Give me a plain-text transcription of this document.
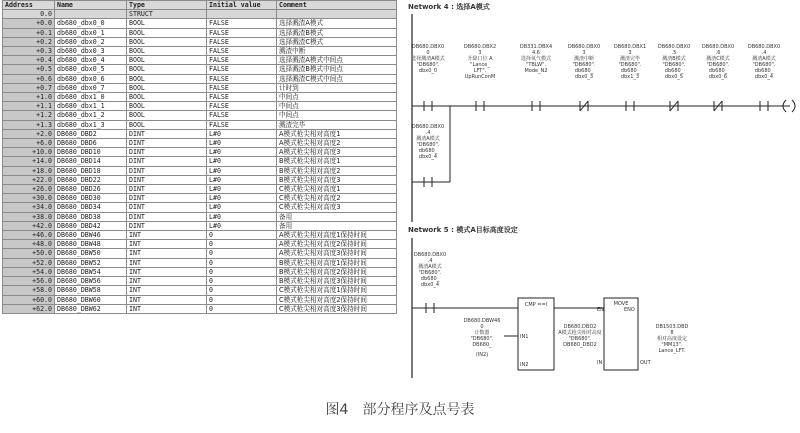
Address	Name	Type	Initial value	Comment
0.0		STRUCT		
+0.0	db680_dbx0_0	BOOL	FALSE	选择溅渣A模式
+0.1	db680_dbx0_1	BOOL	FALSE	选择溅渣B模式
+0.2	db680_dbx0_2	BOOL	FALSE	选择溅渣C模式
+0.3	db680_dbx0_3	BOOL	FALSE	溅渣中断
+0.4	db680_dbx0_4	BOOL	FALSE	选择溅渣A模式中间点
+0.5	db680_dbx0_5	BOOL	FALSE	选择溅渣B模式中间点
+0.6	db680_dbx0_6	BOOL	FALSE	选择溅渣C模式中间点
+0.7	db680_dbx0_7	BOOL	FALSE	计时到
+1.0	db680_dbx1_0	BOOL	FALSE	中间点
+1.1	db680_dbx1_1	BOOL	FALSE	中间点
+1.2	db680_dbx1_2	BOOL	FALSE	中间点
+1.3	db680_dbx1_3	BOOL	FALSE	溅渣完毕
+2.0	DB680_DBD2	DINT	L#0	A模式枪尖相对高度1
+6.0	DB680_DBD6	DINT	L#0	A模式枪尖相对高度2
+10.0	DB680_DBD10	DINT	L#0	A模式枪尖相对高度3
+14.0	DB680_DBD14	DINT	L#0	B模式枪尖相对高度1
+18.0	DB680_DBD18	DINT	L#0	B模式枪尖相对高度2
+22.0	DB680_DBD22	DINT	L#0	B模式枪尖相对高度3
+26.0	DB680_DBD26	DINT	L#0	C模式枪尖相对高度1
+30.0	DB680_DBD30	DINT	L#0	C模式枪尖相对高度2
+34.0	DB680_DBD34	DINT	L#0	C模式枪尖相对高度3
+38.0	DB680_DBD38	DINT	L#0	备用
+42.0	DB680_DBD42	DINT	L#0	备用
+46.0	DB680_DBW46	INT	0	A模式枪尖相对高度1保持时间
+48.0	DB680_DBW48	INT	0	A模式枪尖相对高度2保持时间
+50.0	DB680_DBW50	INT	0	A模式枪尖相对高度3保持时间
+52.0	DB680_DBW52	INT	0	B模式枪尖相对高度1保持时间
+54.0	DB680_DBW54	INT	0	B模式枪尖相对高度2保持时间
+56.0	DB680_DBW56	INT	0	B模式枪尖相对高度3保持时间
+58.0	DB680_DBW58	INT	0	C模式枪尖相对高度1保持时间
+60.0	DB680_DBW60	INT	0	C模式枪尖相对高度2保持时间
+62.0	DB680_DBW62	INT	0	C模式枪尖相对高度3保持时间
Network 4 : 选择A模式
DB680.DBX0 0 选择溅渣A模式"DB680". dbx0_0
DB680.DBX2 3 升降口位 A "Lance_ LFT". UpRunConM
DB331.DBX4 4.6 选择氧气模式"TBLW". Mode_N2
DB680.DBX0 3 溅渣中断"DB680". db680_ dbx0_3
DB680.DBX1 3 溅渣完毕"DB680". db680_ dbx1_3
DB680.DBX0 .5 溅渣B模式"DB680". db680_ dbx0_5
DB680.DBX0 .6 溅渣C模式"DB680". db680_ dbx0_6
DB680.DBX0 .4 溅渣A模式"DB680". db680_ dbx0_4
DB680.DBX0 .4 溅渣A模式"DB680". db680_ dbx0_4
Network 5 : 模式A目标高度设定
DB680.DBX0 .4 溅渣A模式"DB680". db680_ dbx0_4
CMP ==I
IN1
IN2
DB680.DBW46 0 计数器"DB680". DB680_
(IN2)
DB680.DBD2 A模式枪尖相对高度"DB680". DB680_DBD2
MOVE
EN	ENO
IN	OUT
DB1503.DBD 8 相对高度设定"MM13". Lance_LFT.
图4　部分程序及点号表
